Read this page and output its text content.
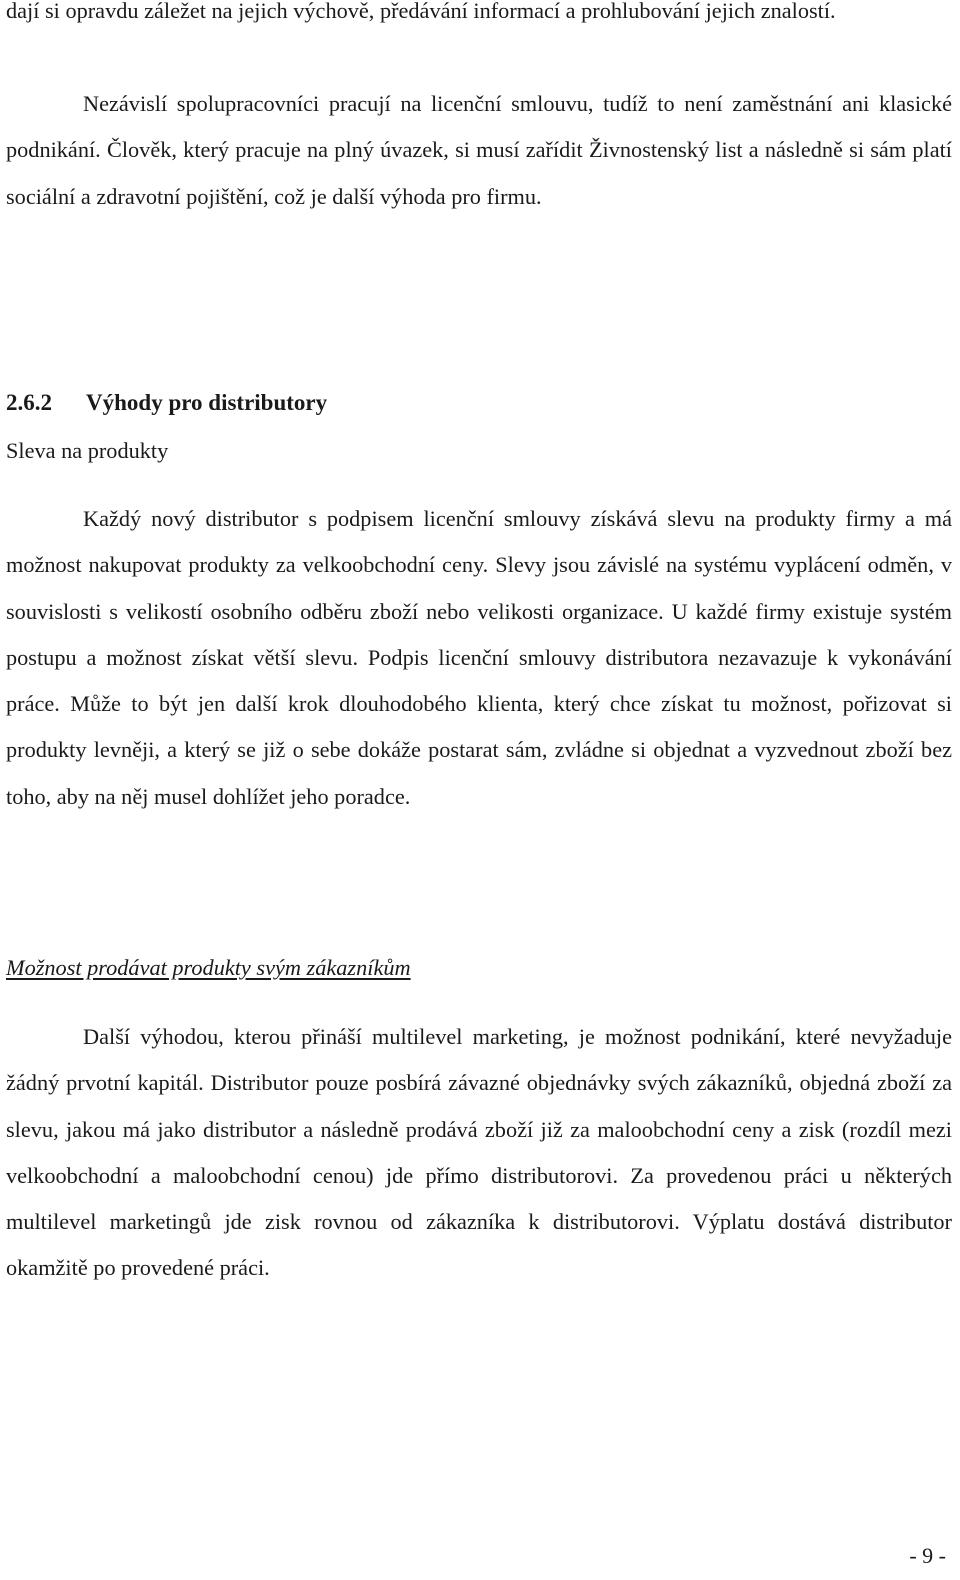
dají si opravdu záležet na jejich výchově, předávání informací a prohlubování jejich znalostí.

Nezávislí spolupracovníci pracují na licenční smlouvu, tudíž to není zaměstnání ani klasické podnikání. Člověk, který pracuje na plný úvazek, si musí zařídit Živnostenský list a následně si sám platí sociální a zdravotní pojištění, což je další výhoda pro firmu.

2.6.2 Výhody pro distributory

Sleva na produkty

Každý nový distributor s podpisem licenční smlouvy získává slevu na produkty firmy a má možnost nakupovat produkty za velkoobchodní ceny. Slevy jsou závislé na systému vyplácení odměn, v souvislosti s velikostí osobního odběru zboží nebo velikosti organizace. U každé firmy existuje systém postupu a možnost získat větší slevu. Podpis licenční smlouvy distributora nezavazuje k vykonávání práce. Může to být jen další krok dlouhodobého klienta, který chce získat tu možnost, pořizovat si produkty levněji, a který se již o sebe dokáže postarat sám, zvládne si objednat a vyzvednout zboží bez toho, aby na něj musel dohlížet jeho poradce.

Možnost prodávat produkty svým zákazníkům

Další výhodou, kterou přináší multilevel marketing, je možnost podnikání, které nevyžaduje žádný prvotní kapitál. Distributor pouze posbírá závazné objednávky svých zákazníků, objedná zboží za slevu, jakou má jako distributor a následně prodává zboží již za maloobchodní ceny a zisk (rozdíl mezi velkoobchodní a maloobchodní cenou) jde přímo distributorovi. Za provedenou práci u některých multilevel marketingů jde zisk rovnou od zákazníka k distributorovi. Výplatu dostává distributor okamžitě po provedené práci.

- 9 -
